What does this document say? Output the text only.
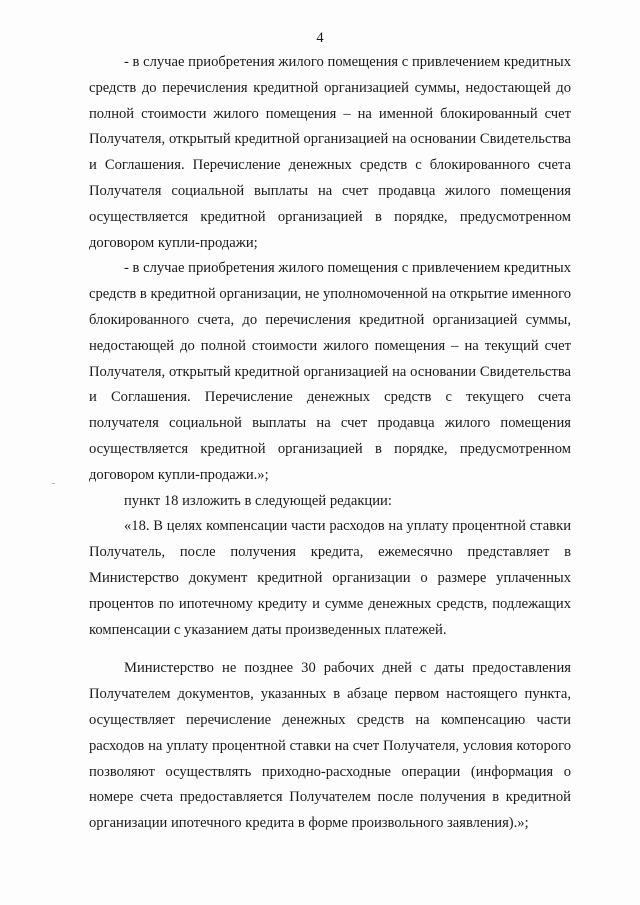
4

- в случае приобретения жилого помещения с привлечением кредитных средств до перечисления кредитной организацией суммы, недостающей до полной стоимости жилого помещения – на именной блокированный счет Получателя, открытый кредитной организацией на основании Свидетельства и Соглашения. Перечисление денежных средств с блокированного счета Получателя социальной выплаты на счет продавца жилого помещения осуществляется кредитной организацией в порядке, предусмотренном договором купли-продажи;

- в случае приобретения жилого помещения с привлечением кредитных средств в кредитной организации, не уполномоченной на открытие именного блокированного счета, до перечисления кредитной организацией суммы, недостающей до полной стоимости жилого помещения – на текущий счет Получателя, открытый кредитной организацией на основании Свидетельства и Соглашения. Перечисление денежных средств с текущего счета получателя социальной выплаты на счет продавца жилого помещения осуществляется кредитной организацией в порядке, предусмотренном договором купли-продажи.»;

пункт 18 изложить в следующей редакции:

«18. В целях компенсации части расходов на уплату процентной ставки Получатель, после получения кредита, ежемесячно представляет в Министерство документ кредитной организации о размере уплаченных процентов по ипотечному кредиту и сумме денежных средств, подлежащих компенсации с указанием даты произведенных платежей.

Министерство не позднее 30 рабочих дней с даты предоставления Получателем документов, указанных в абзаце первом настоящего пункта, осуществляет перечисление денежных средств на компенсацию части расходов на уплату процентной ставки на счет Получателя, условия которого позволяют осуществлять приходно-расходные операции (информация о номере счета предоставляется Получателем после получения в кредитной организации ипотечного кредита в форме произвольного заявления).»;
